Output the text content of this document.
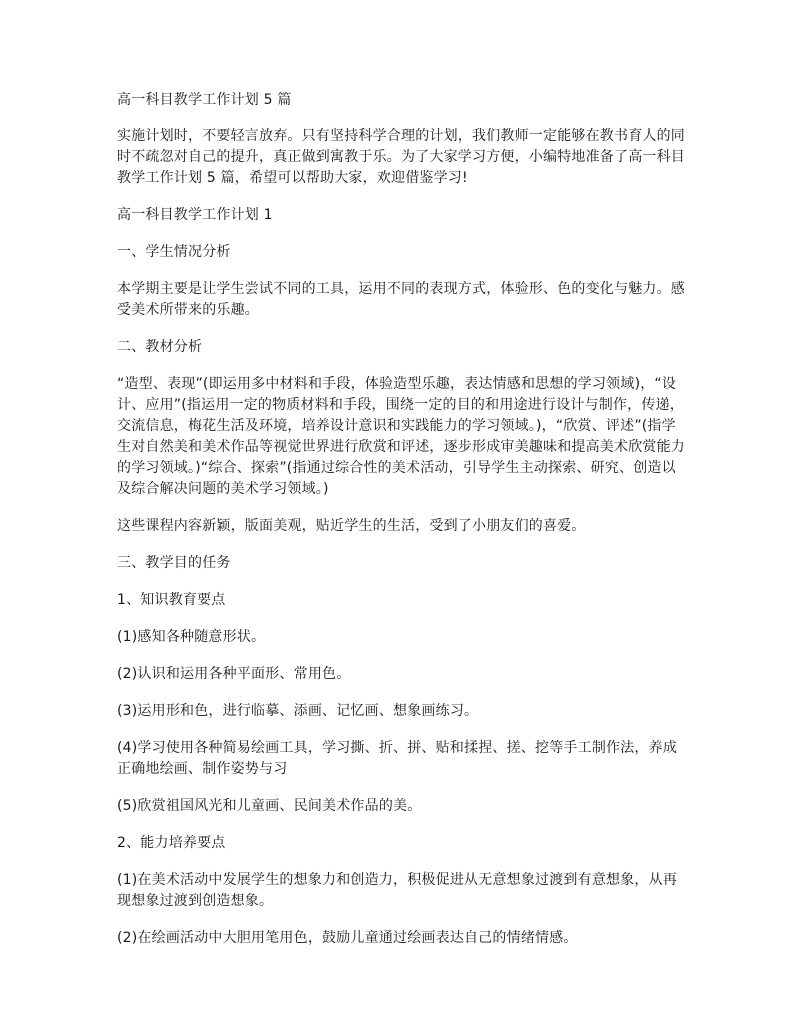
高一科目教学工作计划 5 篇

实施计划时，不要轻言放弃。只有坚持科学合理的计划，我们教师一定能够在教书育人的同时不疏忽对自己的提升，真正做到寓教于乐。为了大家学习方便，小编特地准备了高一科目教学工作计划 5 篇，希望可以帮助大家，欢迎借鉴学习!

高一科目教学工作计划 1

一、学生情况分析

本学期主要是让学生尝试不同的工具，运用不同的表现方式，体验形、色的变化与魅力。感受美术所带来的乐趣。

二、教材分析

“造型、表现”(即运用多中材料和手段，体验造型乐趣，表达情感和思想的学习领域)，“设计、应用”(指运用一定的物质材料和手段，围绕一定的目的和用途进行设计与制作，传递，交流信息，梅花生活及环境，培养设计意识和实践能力的学习领域。)，“欣赏、评述”(指学生对自然美和美术作品等视觉世界进行欣赏和评述，逐步形成审美趣味和提高美术欣赏能力的学习领域。)“综合、探索”(指通过综合性的美术活动，引导学生主动探索、研究、创造以及综合解决问题的美术学习领域。)

这些课程内容新颖，版面美观，贴近学生的生活，受到了小朋友们的喜爱。

三、教学目的任务

1、知识教育要点

(1)感知各种随意形状。

(2)认识和运用各种平面形、常用色。

(3)运用形和色，进行临摹、添画、记忆画、想象画练习。

(4)学习使用各种简易绘画工具，学习撕、折、拼、贴和揉捏、搓、挖等手工制作法，养成正确地绘画、制作姿势与习

(5)欣赏祖国风光和儿童画、民间美术作品的美。

2、能力培养要点

(1)在美术活动中发展学生的想象力和创造力，积极促进从无意想象过渡到有意想象，从再现想象过渡到创造想象。

(2)在绘画活动中大胆用笔用色，鼓励儿童通过绘画表达自己的情绪情感。
